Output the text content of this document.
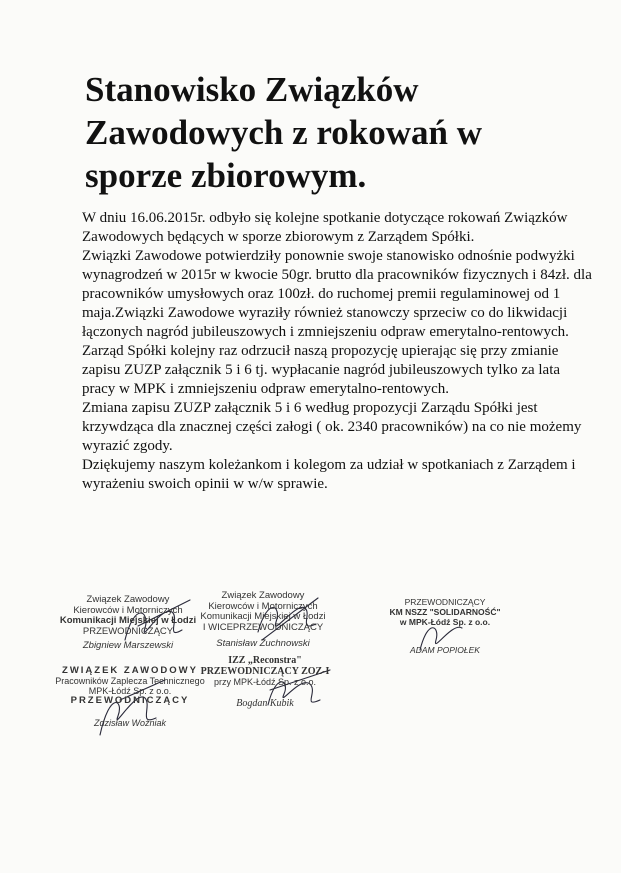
Stanowisko Związków
Zawodowych z rokowań w
sporze zbiorowym.

W dniu 16.06.2015r. odbyło się kolejne spotkanie dotyczące rokowań Związków Zawodowych będących w sporze zbiorowym z Zarządem Spółki.

Związki Zawodowe potwierdziły ponownie swoje stanowisko odnośnie podwyżki wynagrodzeń w 2015r w kwocie 50gr. brutto dla pracowników fizycznych i 84zł. dla pracowników umysłowych oraz 100zł. do ruchomej premii regulaminowej od 1 maja.Związki Zawodowe wyraziły również stanowczy sprzeciw co do likwidacji łączonych nagród jubileuszowych i zmniejszeniu odpraw emerytalno-rentowych.

Zarząd Spółki kolejny raz odrzucił naszą propozycję upierając się przy zmianie zapisu ZUZP załącznik 5 i 6 tj. wypłacanie nagród jubileuszowych tylko za lata pracy w MPK i zmniejszeniu odpraw emerytalno-rentowych.

Zmiana zapisu ZUZP załącznik 5 i 6 według propozycji Zarządu Spółki jest krzywdząca dla znacznej części załogi ( ok. 2340 pracowników) na co nie możemy wyrazić zgody.

Dziękujemy naszym koleżankom i kolegom za udział w spotkaniach z Zarządem i wyrażeniu swoich opinii w w/w sprawie.

Związek Zawodowy
Kierowców i Motorniczych
Komunikacji Miejskiej w Łodzi
PRZEWODNICZĄCY
Zbigniew Marszewski
Związek Zawodowy
Kierowców i Motorniczych
Komunikacji Miejskiej w Łodzi
I WICEPRZEWODNICZĄCY
Stanisław Zuchnowski
PRZEWODNICZĄCY
KM NSZZ "SOLIDARNOŚĆ"
w MPK-Łódź Sp. z o.o.
ADAM POPIOŁEK
ZWIĄZEK ZAWODOWY
Pracowników Zaplecza Technicznego
MPK-Łódź Sp. z o.o.
PRZEWODNICZĄCY
Zdzisław Woźniak
IZZ „Reconstra"
PRZEWODNICZĄCY ZOZ-I
przy MPK-Łódź Sp. z o.o.
Bogdan Kubik
